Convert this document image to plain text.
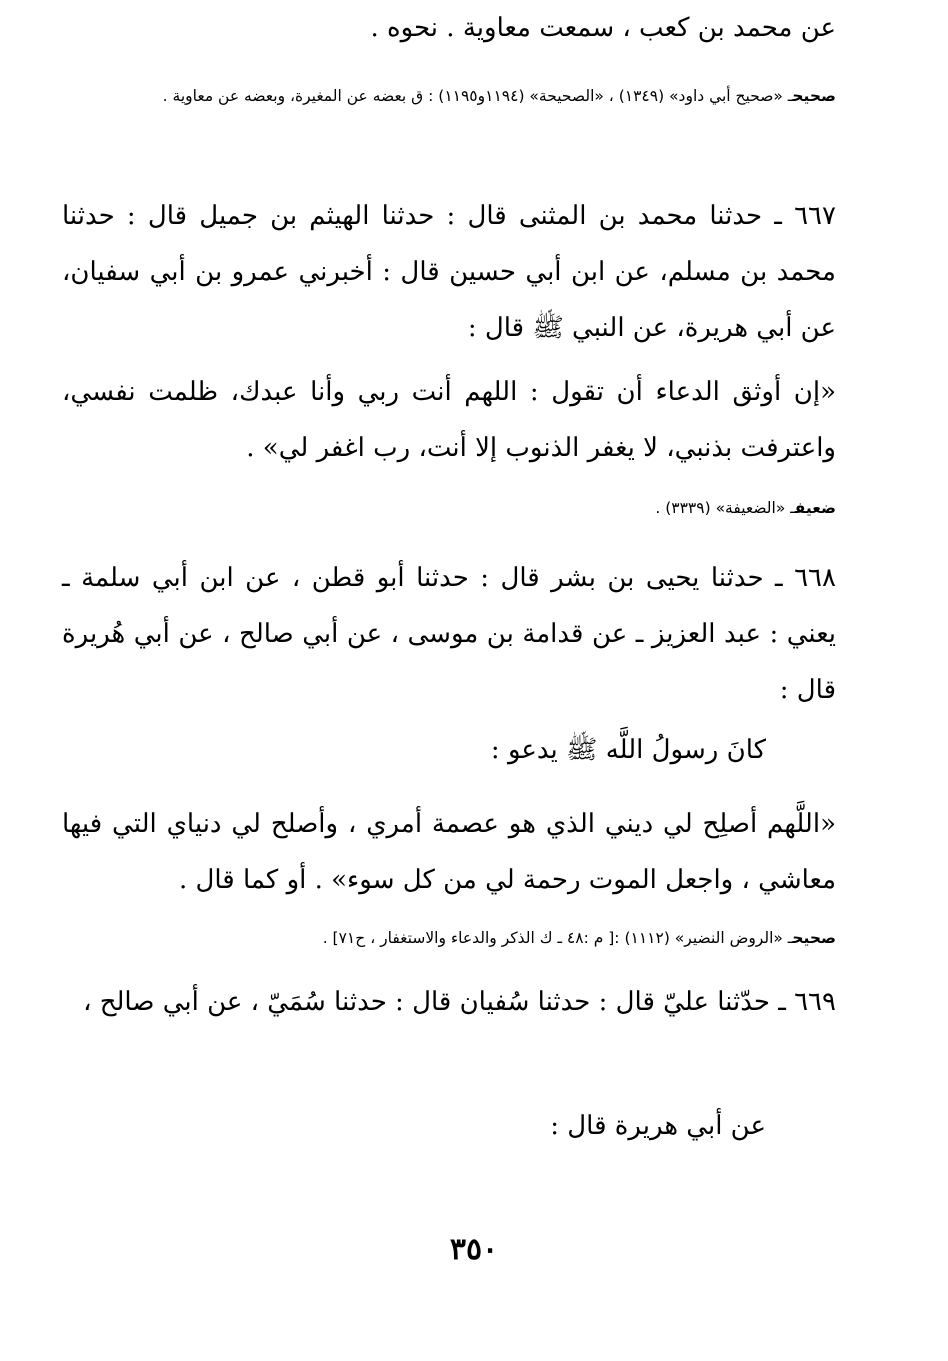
عن محمد بن كعب ، سمعت معاوية . نحوه .
صحيحـ «صحيح أبي داود» (١٣٤٩) ، «الصحيحة» (١١٩٤و١١٩٥) : ق بعضه عن المغيرة، وبعضه عن معاوية .
٦٦٧ ـ حدثنا محمد بن المثنى قال : حدثنا الهيثم بن جميل قال : حدثنا محمد بن مسلم، عن ابن أبي حسين قال : أخبرني عمرو بن أبي سفيان، عن أبي هريرة، عن النبي ﷺ قال :
«إن أوثق الدعاء أن تقول : اللهم أنت ربي وأنا عبدك، ظلمت نفسي، واعترفت بذنبي، لا يغفر الذنوب إلا أنت، رب اغفر لي» .
ضعيفـ «الضعيفة» (٣٣٣٩) .
٦٦٨ ـ حدثنا يحيى بن بشر قال : حدثنا أبو قطن ، عن ابن أبي سلمة ـ يعني : عبد العزيز ـ عن قدامة بن موسى ، عن أبي صالح ، عن أبي هُريرة قال :
كانَ رسولُ اللَّه ﷺ يدعو :
«اللَّهم أصلِح لي ديني الذي هو عصمة أمري ، وأصلح لي دنياي التي فيها معاشي ، واجعل الموت رحمة لي من كل سوء» . أو كما قال .
صحيحـ «الروض النضير» (١١١٢) :[ م :٤٨ ـ ك الذكر والدعاء والاستغفار ، ح٧١] .
٦٦٩ ـ حدّثنا عليّ قال : حدثنا سُفيان قال : حدثنا سُمَيّ ، عن أبي صالح ،
عن أبي هريرة قال :
٣٥٠
